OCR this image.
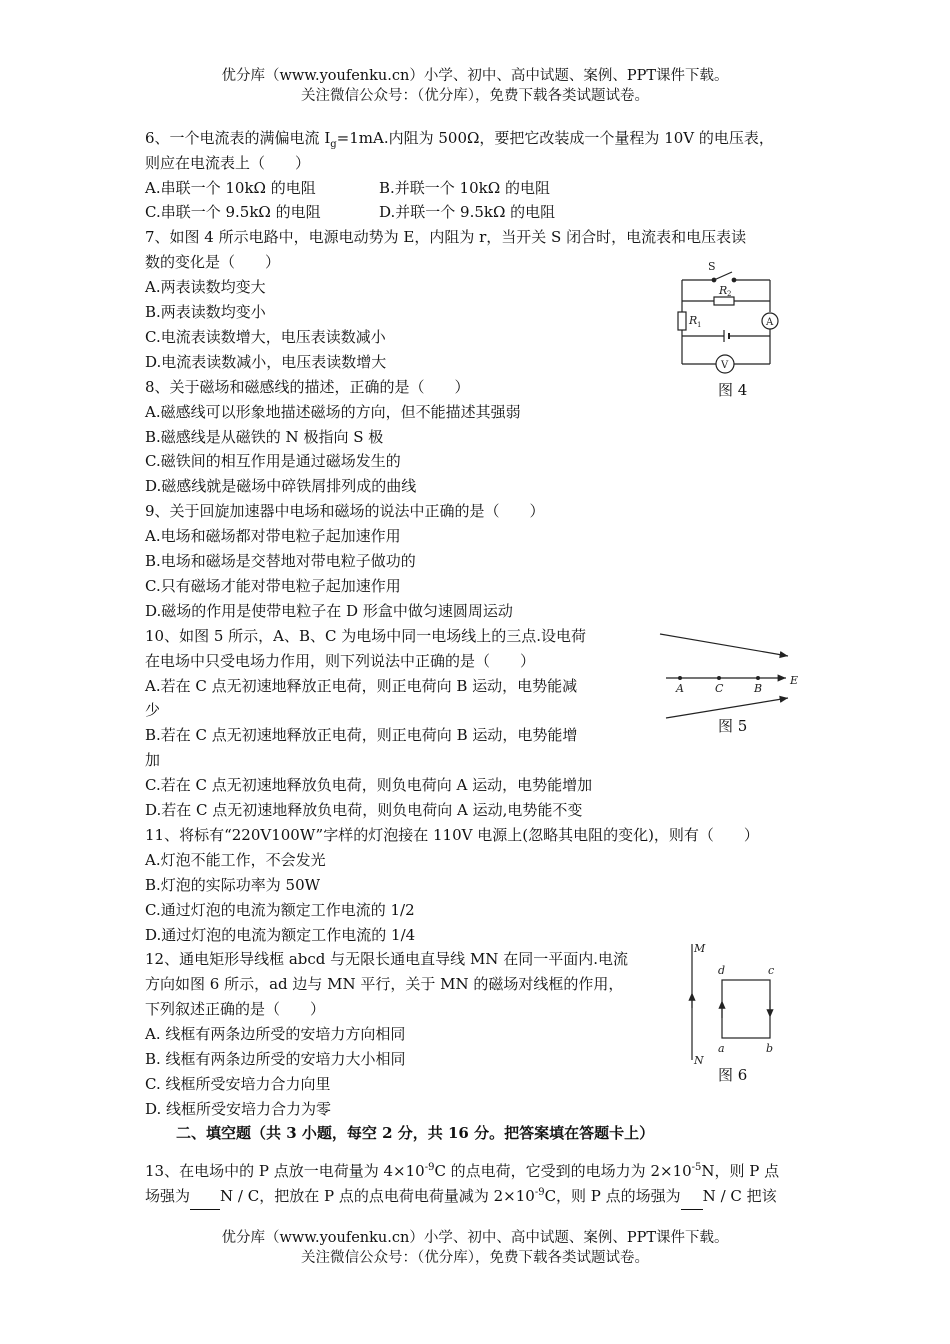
优分库（www.youfenku.cn）小学、初中、高中试题、案例、PPT课件下载。
关注微信公众号：（优分库），免费下载各类试题试卷。
6、一个电流表的满偏电流 $I_g=1mA$.内阻为 500Ω，要把它改装成一个量程为 10V 的电压表，
则应在电流表上（　　）
A.串联一个 10kΩ 的电阻	B.并联一个 10kΩ 的电阻
C.串联一个 9.5kΩ 的电阻	D.并联一个 9.5kΩ 的电阻
7、如图 4 所示电路中，电源电动势为 E，内阻为 r，当开关 S 闭合时，电流表和电压表读
数的变化是（　　）
A.两表读数均变大
B.两表读数均变小
C.电流表读数增大，电压表读数减小
D.电流表读数减小，电压表读数增大
S
R 2
R 1	A
V
图 4
8、关于磁场和磁感线的描述，正确的是（　　）
A.磁感线可以形象地描述磁场的方向，但不能描述其强弱
B.磁感线是从磁铁的 N 极指向 S 极
C.磁铁间的相互作用是通过磁场发生的
D.磁感线就是磁场中碎铁屑排列成的曲线
9、关于回旋加速器中电场和磁场的说法中正确的是（　　）
A.电场和磁场都对带电粒子起加速作用
B.电场和磁场是交替地对带电粒子做功的
C.只有磁场才能对带电粒子起加速作用
D.磁场的作用是使带电粒子在 D 形盒中做匀速圆周运动
10、如图 5 所示，A、B、C 为电场中同一电场线上的三点.设电荷
在电场中只受电场力作用，则下列说法中正确的是（　　）
A.若在 C 点无初速地释放正电荷，则正电荷向 B 运动，电势能减
少
B.若在 C 点无初速地释放正电荷，则正电荷向 B 运动，电势能增
加
C.若在 C 点无初速地释放负电荷，则负电荷向 A 运动，电势能增加
D.若在 C 点无初速地释放负电荷，则负电荷向 A 运动,电势能不变
A	C	B
E
图 5
11、将标有“220V100W”字样的灯泡接在 110V 电源上(忽略其电阻的变化)，则有（　　）
A.灯泡不能工作，不会发光
B.灯泡的实际功率为 50W
C.通过灯泡的电流为额定工作电流的 1/2
D.通过灯泡的电流为额定工作电流的 1/4
12、通电矩形导线框 abcd 与无限长通电直导线 MN 在同一平面内.电流
方向如图 6 所示，ad 边与 MN 平行，关于 MN 的磁场对线框的作用，
下列叙述正确的是（　　）
A. 线框有两条边所受的安培力方向相同
B. 线框有两条边所受的安培力大小相同
C. 线框所受安培力合力向里
D. 线框所受安培力合力为零
M
N
d	c
a	b
图 6
二、填空题（共 3 小题，每空 2 分，共 16 分。把答案填在答题卡上）
13、在电场中的 P 点放一电荷量为 $4\times 10^{-9}C$ 的点电荷，它受到的电场力为 $2\times 10^{-5}N$，则 P 点
场强为 N / C，把放在 P 点的点电荷电荷量减为 $2\times 10^{-9}C$，则 P 点的场强为 N / C 把该
优分库（www.youfenku.cn）小学、初中、高中试题、案例、PPT课件下载。
关注微信公众号：（优分库），免费下载各类试题试卷。
